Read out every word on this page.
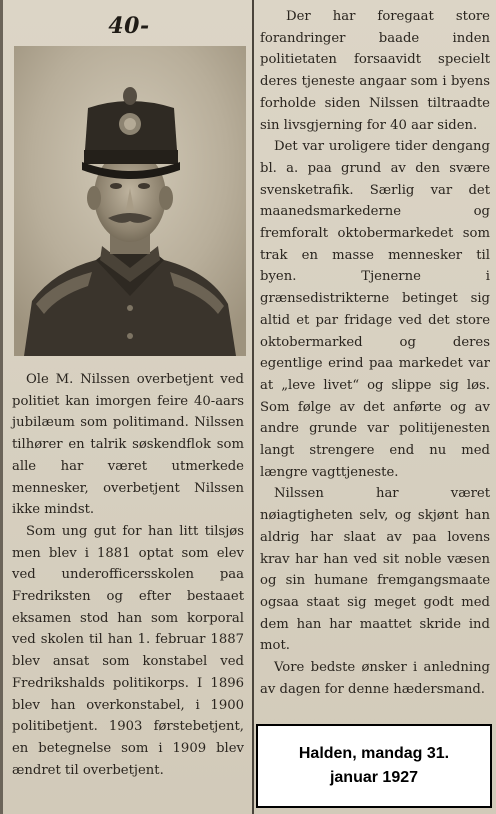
40-

Ole M. Nilssen overbetjent ved politiet kan imorgen feire 40-aars jubilæum som politimand. Nilssen tilhører en talrik søskendflok som alle har været utmerkede mennesker, overbetjent Nilssen ikke mindst.

Som ung gut for han litt tilsjøs men blev i 1881 optat som elev ved underofficersskolen paa Fredriksten og efter bestaaet eksamen stod han som korporal ved skolen til han 1. februar 1887 blev ansat som konstabel ved Fredrikshalds politikorps. I 1896 blev han overkonstabel, i 1900 politibetjent. 1903 førstebetjent, en betegnelse som i 1909 blev ændret til overbetjent.

Der har foregaat store forandringer baade inden politietaten forsaavidt specielt deres tjeneste angaar som i byens forholde siden Nilssen tiltraadte sin livsgjerning for 40 aar siden.

Det var uroligere tider dengang bl. a. paa grund av den svære svensketrafik. Særlig var det maanedsmarkederne og fremforalt oktobermarkedet som trak en masse mennesker til byen. Tjenerne i grænsedistrikterne betinget sig altid et par fridage ved det store oktobermarked og deres egentlige erind paa markedet var at „leve livet“ og slippe sig løs. Som følge av det anførte og av andre grunde var politijenesten langt strengere end nu med længre vagttjeneste.

Nilssen har været nøiagtigheten selv, og skjønt han aldrig har slaat av paa lovens krav har han ved sit noble væsen og sin humane fremgangsmaate ogsaa staat sig meget godt med dem han har maattet skride ind mot.

Vore bedste ønsker i anledning av dagen for denne hædersmand.

Halden, mandag 31.
januar 1927
